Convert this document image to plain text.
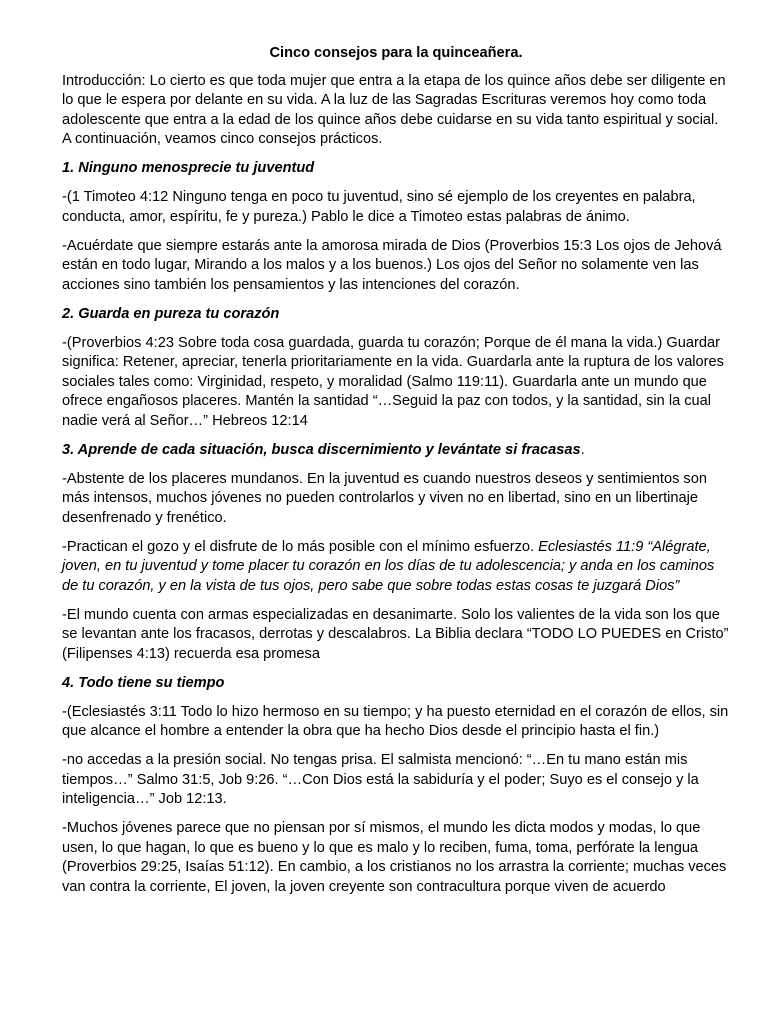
Cinco consejos para la quinceañera.

Introducción: Lo cierto es que toda mujer que entra a la etapa de los quince años debe ser diligente en lo que le espera por delante en su vida. A la luz de las Sagradas Escrituras veremos hoy como toda adolescente que entra a la edad de los quince años debe cuidarse en su vida tanto espiritual y social. A continuación, veamos cinco consejos prácticos.

1. Ninguno menosprecie tu juventud

-(1 Timoteo 4:12 Ninguno tenga en poco tu juventud, sino sé ejemplo de los creyentes en palabra, conducta, amor, espíritu, fe y pureza.) Pablo le dice a Timoteo estas palabras de ánimo.

-Acuérdate que siempre estarás ante la amorosa mirada de Dios (Proverbios 15:3 Los ojos de Jehová están en todo lugar, Mirando a los malos y a los buenos.) Los ojos del Señor no solamente ven las acciones sino también los pensamientos y las intenciones del corazón.

2. Guarda en pureza tu corazón

-(Proverbios 4:23 Sobre toda cosa guardada, guarda tu corazón; Porque de él mana la vida.) Guardar significa: Retener, apreciar, tenerla prioritariamente en la vida. Guardarla ante la ruptura de los valores sociales tales como: Virginidad, respeto, y moralidad (Salmo 119:11). Guardarla ante un mundo que ofrece engañosos placeres. Mantén la santidad “…Seguid la paz con todos, y la santidad, sin la cual nadie verá al Señor…” Hebreos 12:14

3. Aprende de cada situación, busca discernimiento y levántate si fracasas.

-Abstente de los placeres mundanos. En la juventud es cuando nuestros deseos y sentimientos son más intensos, muchos jóvenes no pueden controlarlos y viven no en libertad, sino en un libertinaje desenfrenado y frenético.

-Practican el gozo y el disfrute de lo más posible con el mínimo esfuerzo. Eclesiastés 11:9 “Alégrate, joven, en tu juventud y tome placer tu corazón en los días de tu adolescencia; y anda en los caminos de tu corazón, y en la vista de tus ojos, pero sabe que sobre todas estas cosas te juzgará Dios”

-El mundo cuenta con armas especializadas en desanimarte. Solo los valientes de la vida son los que se levantan ante los fracasos, derrotas y descalabros. La Biblia declara “TODO LO PUEDES en Cristo” (Filipenses 4:13) recuerda esa promesa

4. Todo tiene su tiempo

-(Eclesiastés 3:11 Todo lo hizo hermoso en su tiempo; y ha puesto eternidad en el corazón de ellos, sin que alcance el hombre a entender la obra que ha hecho Dios desde el principio hasta el fin.)

-no accedas a la presión social. No tengas prisa. El salmista mencionó: “…En tu mano están mis tiempos…” Salmo 31:5, Job 9:26. “…Con Dios está la sabiduría y el poder; Suyo es el consejo y la inteligencia…” Job 12:13.

-Muchos jóvenes parece que no piensan por sí mismos, el mundo les dicta modos y modas, lo que usen, lo que hagan, lo que es bueno y lo que es malo y lo reciben, fuma, toma, perfórate la lengua (Proverbios 29:25, Isaías 51:12). En cambio, a los cristianos no los arrastra la corriente; muchas veces van contra la corriente, El joven, la joven creyente son contracultura porque viven de acuerdo
